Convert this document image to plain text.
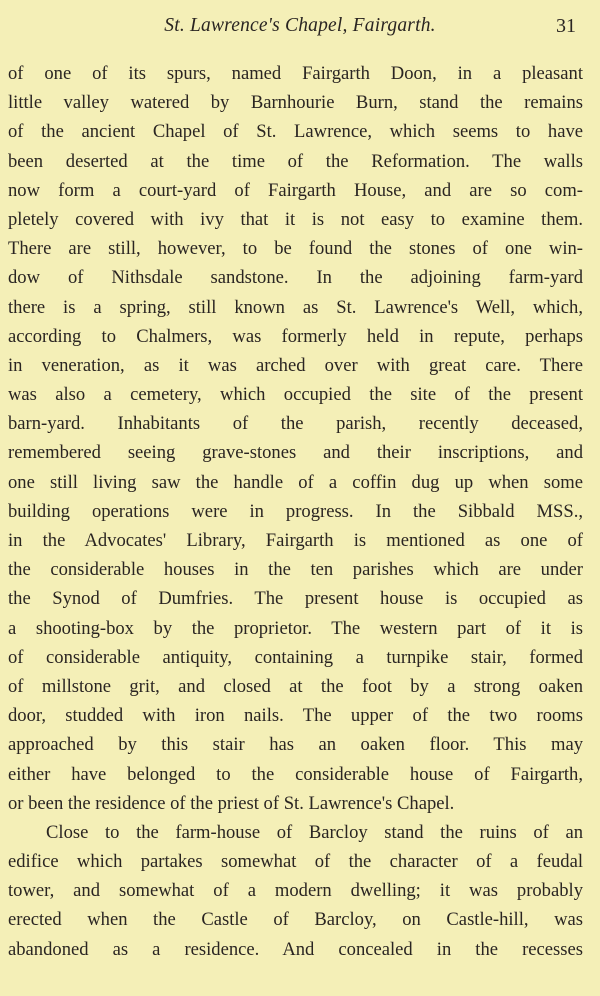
St. Lawrence's Chapel, Fairgarth.	31
of one of its spurs, named Fairgarth Doon, in a pleasant
little valley watered by Barnhourie Burn, stand the remains
of the ancient Chapel of St. Lawrence, which seems to have
been deserted at the time of the Reformation. The walls
now form a court-yard of Fairgarth House, and are so com-
pletely covered with ivy that it is not easy to examine them.
There are still, however, to be found the stones of one win-
dow of Nithsdale sandstone. In the adjoining farm-yard
there is a spring, still known as St. Lawrence's Well, which,
according to Chalmers, was formerly held in repute, perhaps
in veneration, as it was arched over with great care. There
was also a cemetery, which occupied the site of the present
barn-yard. Inhabitants of the parish, recently deceased,
remembered seeing grave-stones and their inscriptions, and
one still living saw the handle of a coffin dug up when some
building operations were in progress. In the Sibbald MSS.,
in the Advocates' Library, Fairgarth is mentioned as one of
the considerable houses in the ten parishes which are under
the Synod of Dumfries. The present house is occupied as
a shooting-box by the proprietor. The western part of it is
of considerable antiquity, containing a turnpike stair, formed
of millstone grit, and closed at the foot by a strong oaken
door, studded with iron nails. The upper of the two rooms
approached by this stair has an oaken floor. This may
either have belonged to the considerable house of Fairgarth,
or been the residence of the priest of St. Lawrence's Chapel.
Close to the farm-house of Barcloy stand the ruins of an
edifice which partakes somewhat of the character of a feudal
tower, and somewhat of a modern dwelling; it was probably
erected when the Castle of Barcloy, on Castle-hill, was
abandoned as a residence. And concealed in the recesses
